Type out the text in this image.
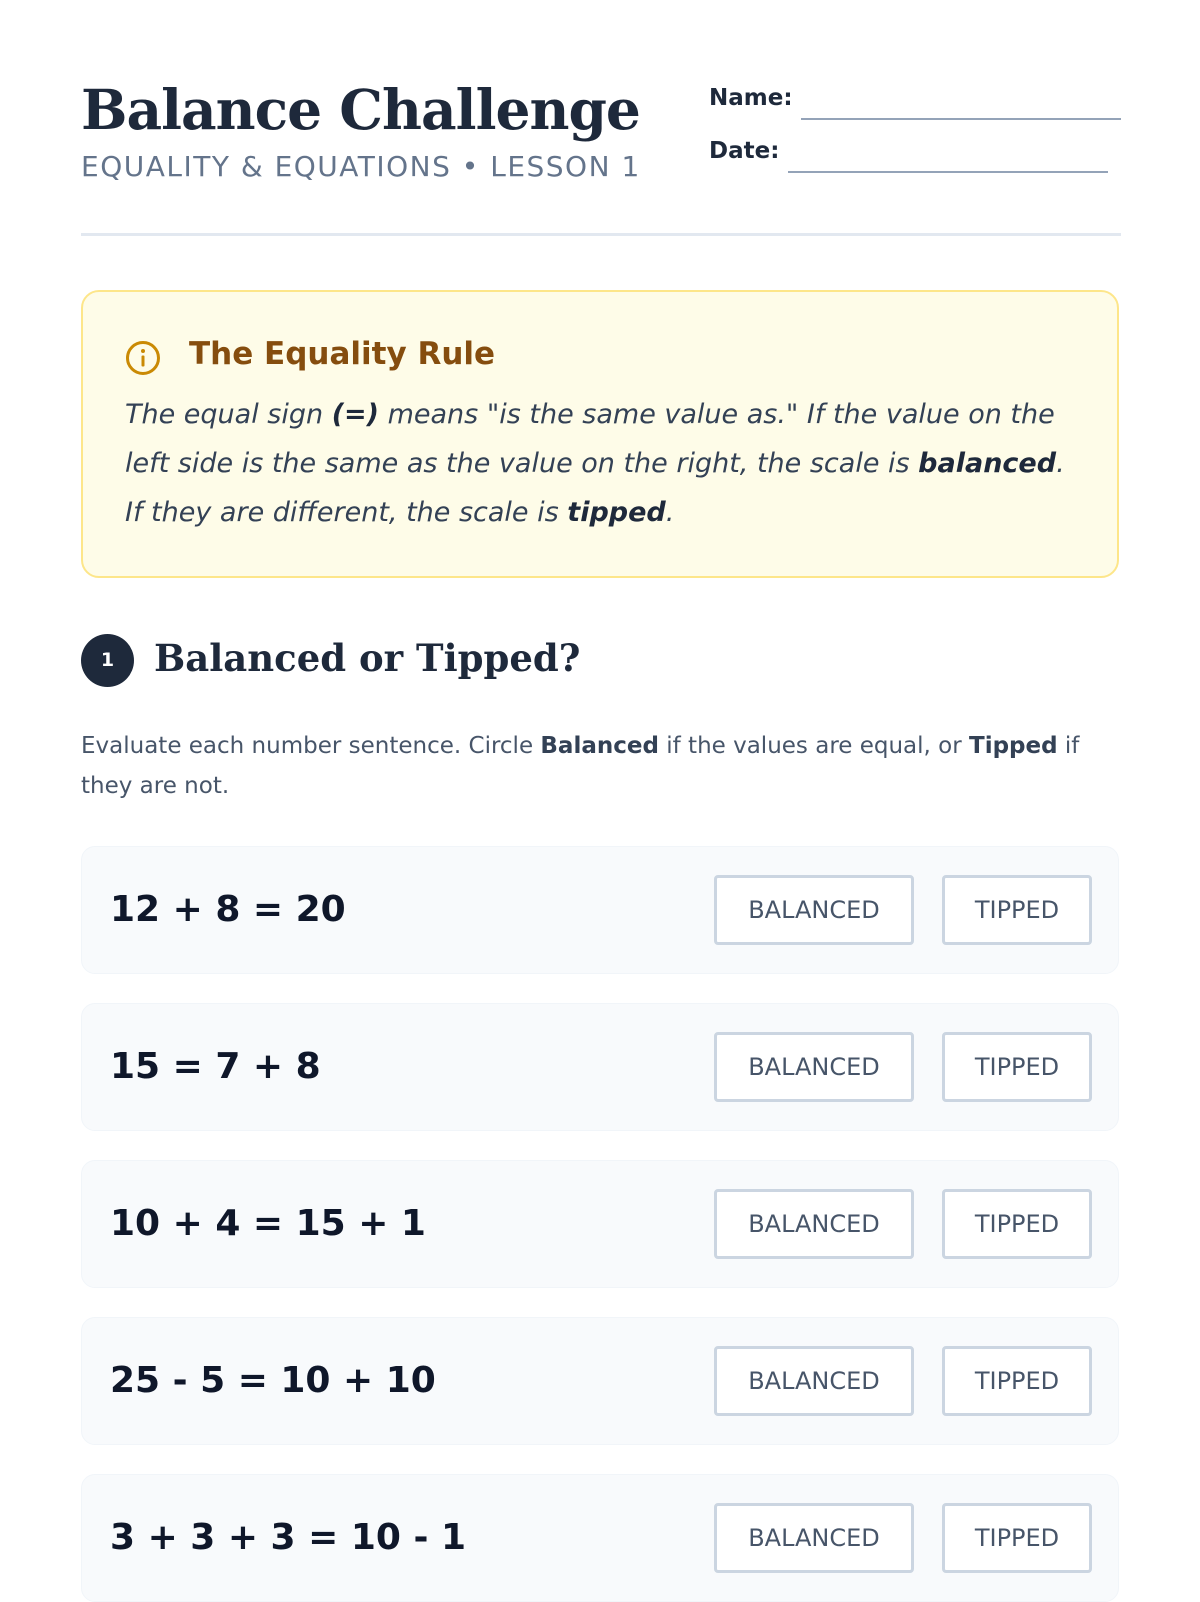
Balance Challenge
EQUALITY & EQUATIONS • LESSON 1
Name:
Date:
The Equality Rule
The equal sign (=) means "is the same value as." If the value on the left side is the same as the value on the right, the scale is balanced. If they are different, the scale is tipped.
1	Balanced or Tipped?
Evaluate each number sentence. Circle Balanced if the values are equal, or Tipped if they are not.
12 + 8 = 20	BALANCED	TIPPED
15 = 7 + 8	BALANCED	TIPPED
10 + 4 = 15 + 1	BALANCED	TIPPED
25 - 5 = 10 + 10	BALANCED	TIPPED
3 + 3 + 3 = 10 - 1	BALANCED	TIPPED
